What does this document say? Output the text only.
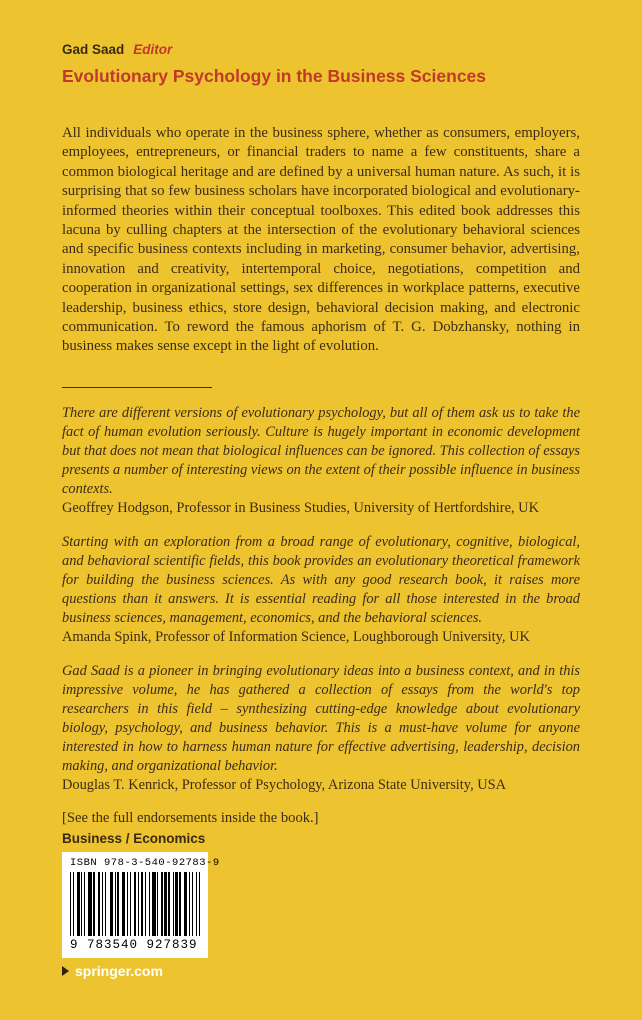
Gad Saad Editor
Evolutionary Psychology in the Business Sciences

All individuals who operate in the business sphere, whether as consumers, employers, employees, entrepreneurs, or financial traders to name a few constituents, share a common biological heritage and are defined by a universal human nature. As such, it is surprising that so few business scholars have incorporated biological and evolutionary-informed theories within their conceptual toolboxes. This edited book addresses this lacuna by culling chapters at the intersection of the evolutionary behavioral sciences and specific business contexts including in marketing, consumer behavior, advertising, innovation and creativity, intertemporal choice, negotiations, competition and cooperation in organizational settings, sex differences in workplace patterns, executive leadership, business ethics, store design, behavioral decision making, and electronic communication. To reword the famous aphorism of T. G. Dobzhansky, nothing in business makes sense except in the light of evolution.

There are different versions of evolutionary psychology, but all of them ask us to take the fact of human evolution seriously. Culture is hugely important in economic development but that does not mean that biological influences can be ignored. This collection of essays presents a number of interesting views on the extent of their possible influence in business contexts.

Geoffrey Hodgson, Professor in Business Studies, University of Hertfordshire, UK

Starting with an exploration from a broad range of evolutionary, cognitive, biological, and behavioral scientific fields, this book provides an evolutionary theoretical framework for building the business sciences. As with any good research book, it raises more questions than it answers. It is essential reading for all those interested in the broad business sciences, management, economics, and the behavioral sciences.

Amanda Spink, Professor of Information Science, Loughborough University, UK

Gad Saad is a pioneer in bringing evolutionary ideas into a business context, and in this impressive volume, he has gathered a collection of essays from the world's top researchers in this field – synthesizing cutting-edge knowledge about evolutionary biology, psychology, and business behavior. This is a must-have volume for anyone interested in how to harness human nature for effective advertising, leadership, decision making, and organizational behavior.

Douglas T. Kenrick, Professor of Psychology, Arizona State University, USA

[See the full endorsements inside the book.]

Business / Economics
ISBN 978-3-540-92783-9
9 783540 927839
springer.com
